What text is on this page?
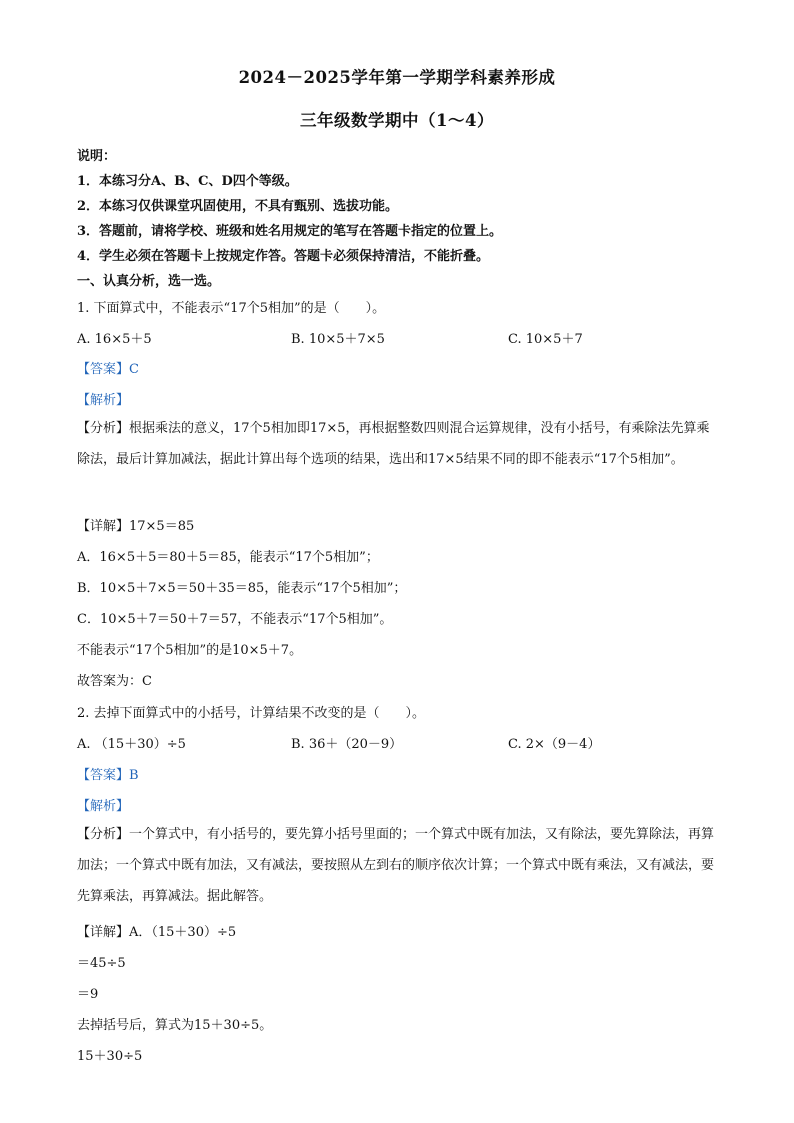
2024－2025学年第一学期学科素养形成
三年级数学期中（1～4）
说明：
1．本练习分A、B、C、D四个等级。
2．本练习仅供课堂巩固使用，不具有甄别、选拔功能。
3．答题前，请将学校、班级和姓名用规定的笔写在答题卡指定的位置上。
4．学生必须在答题卡上按规定作答。答题卡必须保持清洁，不能折叠。
一、认真分析，选一选。
1. 下面算式中，不能表示“17个5相加”的是（ ）。
A. 16×5＋5	B. 10×5＋7×5	C. 10×5＋7
【答案】C
【解析】
【分析】根据乘法的意义，17个5相加即17×5，再根据整数四则混合运算规律，没有小括号，有乘除法先算乘除法，最后计算加减法，据此计算出每个选项的结果，选出和17×5结果不同的即不能表示“17个5相加”。
【详解】17×5＝85
A．16×5＋5＝80＋5＝85，能表示“17个5相加”；
B．10×5＋7×5＝50＋35＝85，能表示“17个5相加”；
C．10×5＋7＝50＋7＝57，不能表示“17个5相加”。
不能表示“17个5相加”的是10×5＋7。
故答案为：C
2. 去掉下面算式中的小括号，计算结果不改变的是（ ）。
A. （15＋30）÷5	B. 36＋（20－9）	C. 2×（9－4）
【答案】B
【解析】
【分析】一个算式中，有小括号的，要先算小括号里面的；一个算式中既有加法，又有除法，要先算除法，再算加法；一个算式中既有加法，又有减法，要按照从左到右的顺序依次计算；一个算式中既有乘法，又有减法，要先算乘法，再算减法。据此解答。
【详解】A．（15＋30）÷5
＝45÷5
＝9
去掉括号后，算式为15＋30÷5。
15＋30÷5
